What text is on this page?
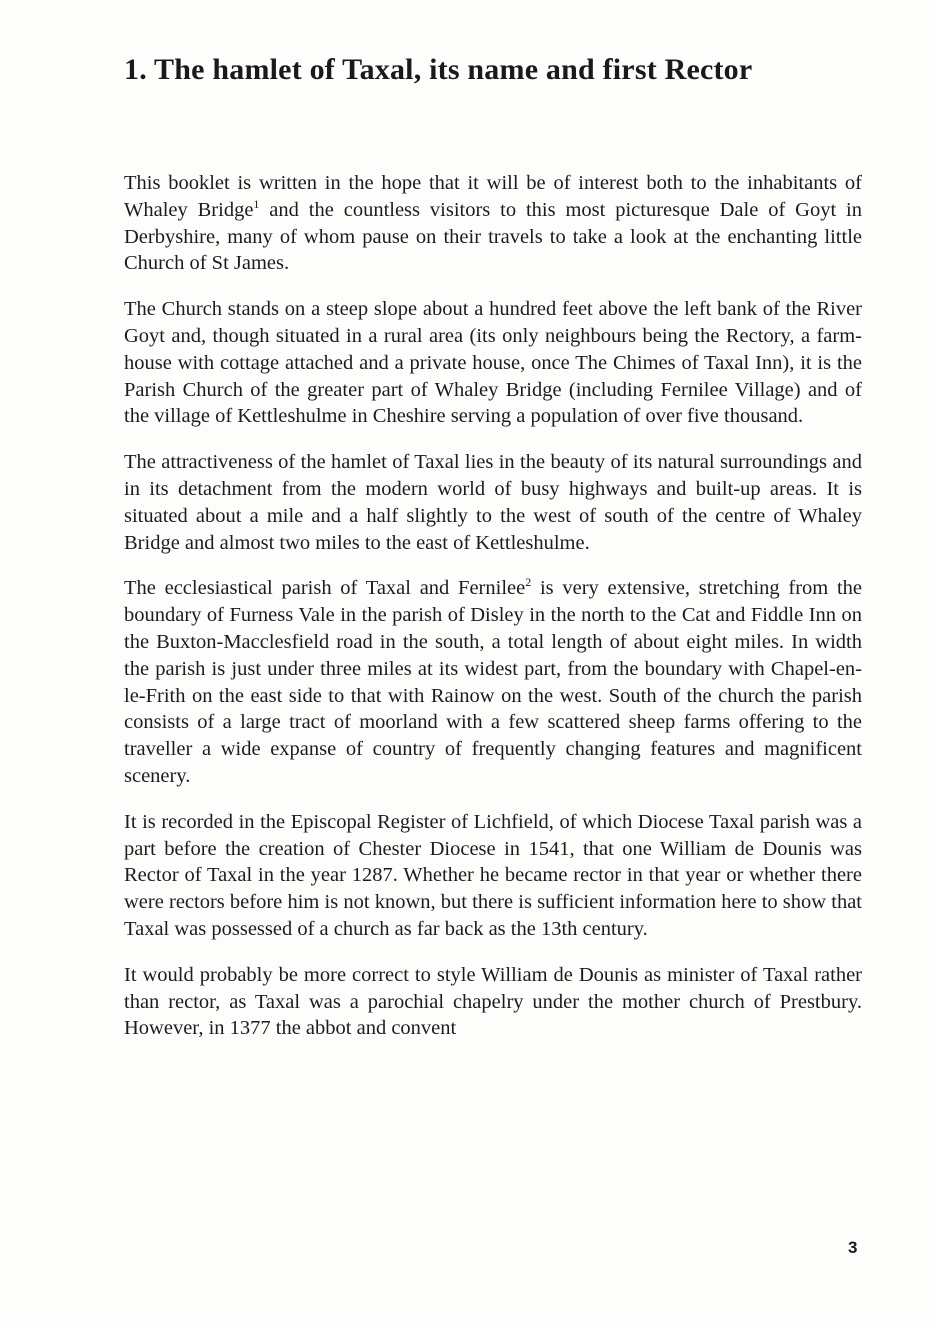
1. The hamlet of Taxal, its name and first Rector

This booklet is written in the hope that it will be of interest both to the inhabitants of Whaley Bridge$^1$ and the countless visitors to this most picturesque Dale of Goyt in Derbyshire, many of whom pause on their travels to take a look at the enchanting little Church of St James.

The Church stands on a steep slope about a hundred feet above the left bank of the River Goyt and, though situated in a rural area (its only neighbours being the Rectory, a farm-house with cottage attached and a private house, once The Chimes of Taxal Inn), it is the Parish Church of the greater part of Whaley Bridge (including Fernilee Village) and of the village of Kettleshulme in Cheshire serving a population of over five thousand.

The attractiveness of the hamlet of Taxal lies in the beauty of its natural surroundings and in its detachment from the modern world of busy highways and built-up areas. It is situated about a mile and a half slightly to the west of south of the centre of Whaley Bridge and almost two miles to the east of Kettleshulme.

The ecclesiastical parish of Taxal and Fernilee$^2$ is very extensive, stretching from the boundary of Furness Vale in the parish of Disley in the north to the Cat and Fiddle Inn on the Buxton-Macclesfield road in the south, a total length of about eight miles. In width the parish is just under three miles at its widest part, from the boundary with Chapel-en-le-Frith on the east side to that with Rainow on the west. South of the church the parish consists of a large tract of moorland with a few scattered sheep farms offering to the traveller a wide expanse of country of frequently changing features and magnificent scenery.

It is recorded in the Episcopal Register of Lichfield, of which Diocese Taxal parish was a part before the creation of Chester Diocese in 1541, that one William de Dounis was Rector of Taxal in the year 1287. Whether he became rector in that year or whether there were rectors before him is not known, but there is sufficient information here to show that Taxal was possessed of a church as far back as the 13th century.

It would probably be more correct to style William de Dounis as minister of Taxal rather than rector, as Taxal was a parochial chapelry under the mother church of Prestbury. However, in 1377 the abbot and convent

3
